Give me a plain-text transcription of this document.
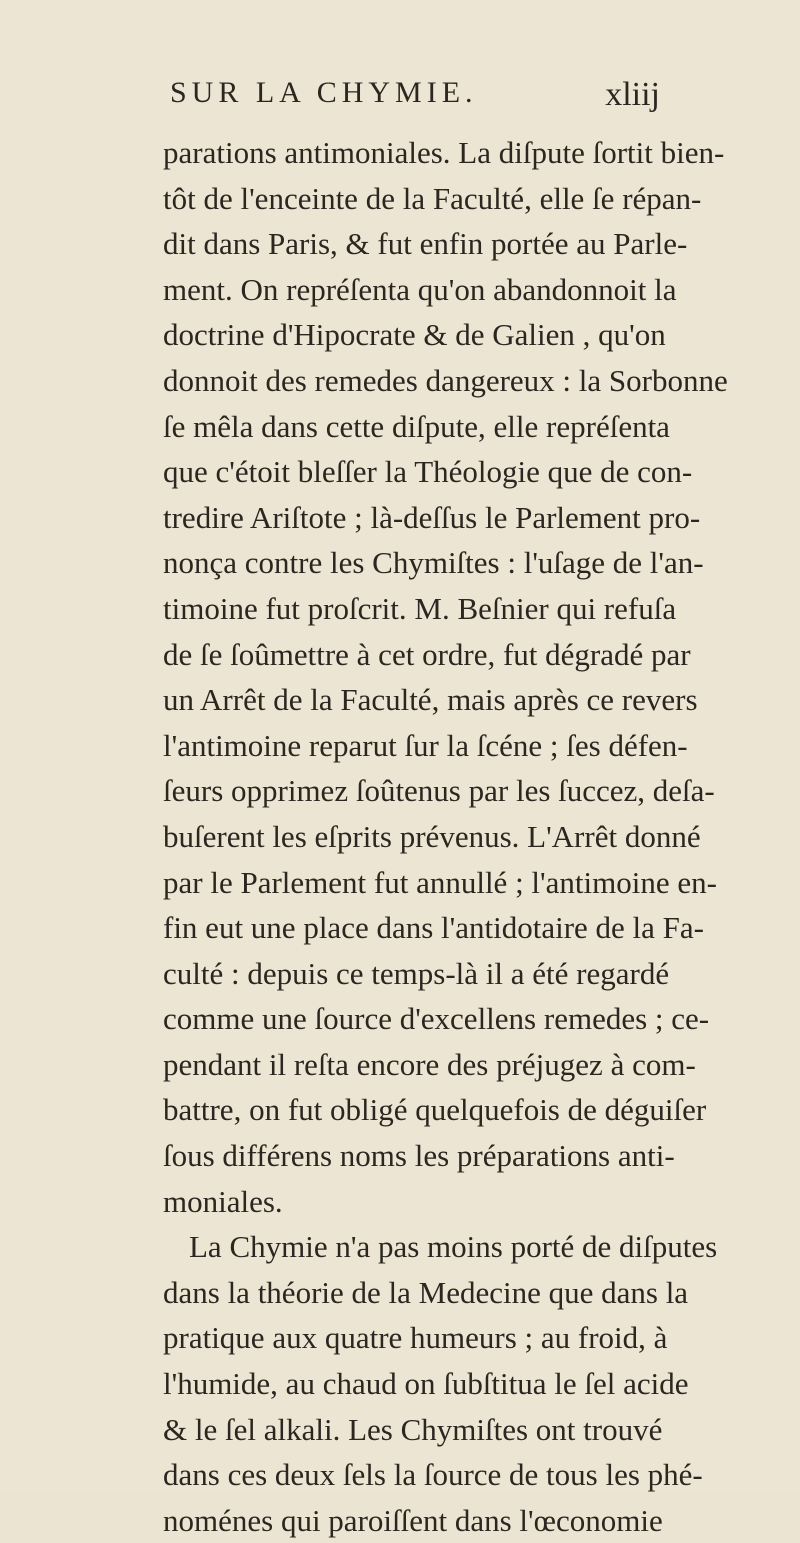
SUR LA CHYMIE.	xliij
parations antimoniales. La diſpute ſortit bien-
tôt de l'enceinte de la Faculté, elle ſe répan-
dit dans Paris, & fut enfin portée au Parle-
ment. On repréſenta qu'on abandonnoit la
doctrine d'Hipocrate & de Galien , qu'on
donnoit des remedes dangereux : la Sorbonne
ſe mêla dans cette diſpute, elle repréſenta
que c'étoit bleſſer la Théologie que de con-
tredire Ariſtote ; là-deſſus le Parlement pro-
nonça contre les Chymiſtes : l'uſage de l'an-
timoine fut proſcrit. M. Beſnier qui refuſa
de ſe ſoûmettre à cet ordre, fut dégradé par
un Arrêt de la Faculté, mais après ce revers
l'antimoine reparut ſur la ſcéne ; ſes défen-
ſeurs opprimez ſoûtenus par les ſuccez, deſa-
buſerent les eſprits prévenus. L'Arrêt donné
par le Parlement fut annullé ; l'antimoine en-
fin eut une place dans l'antidotaire de la Fa-
culté : depuis ce temps-là il a été regardé
comme une ſource d'excellens remedes ; ce-
pendant il reſta encore des préjugez à com-
battre, on fut obligé quelquefois de déguiſer
ſous différens noms les préparations anti-
moniales.
La Chymie n'a pas moins porté de diſputes
dans la théorie de la Medecine que dans la
pratique aux quatre humeurs ; au froid, à
l'humide, au chaud on ſubſtitua le ſel acide
& le ſel alkali. Les Chymiſtes ont trouvé
dans ces deux ſels la ſource de tous les phé-
noménes qui paroiſſent dans l'œconomie
